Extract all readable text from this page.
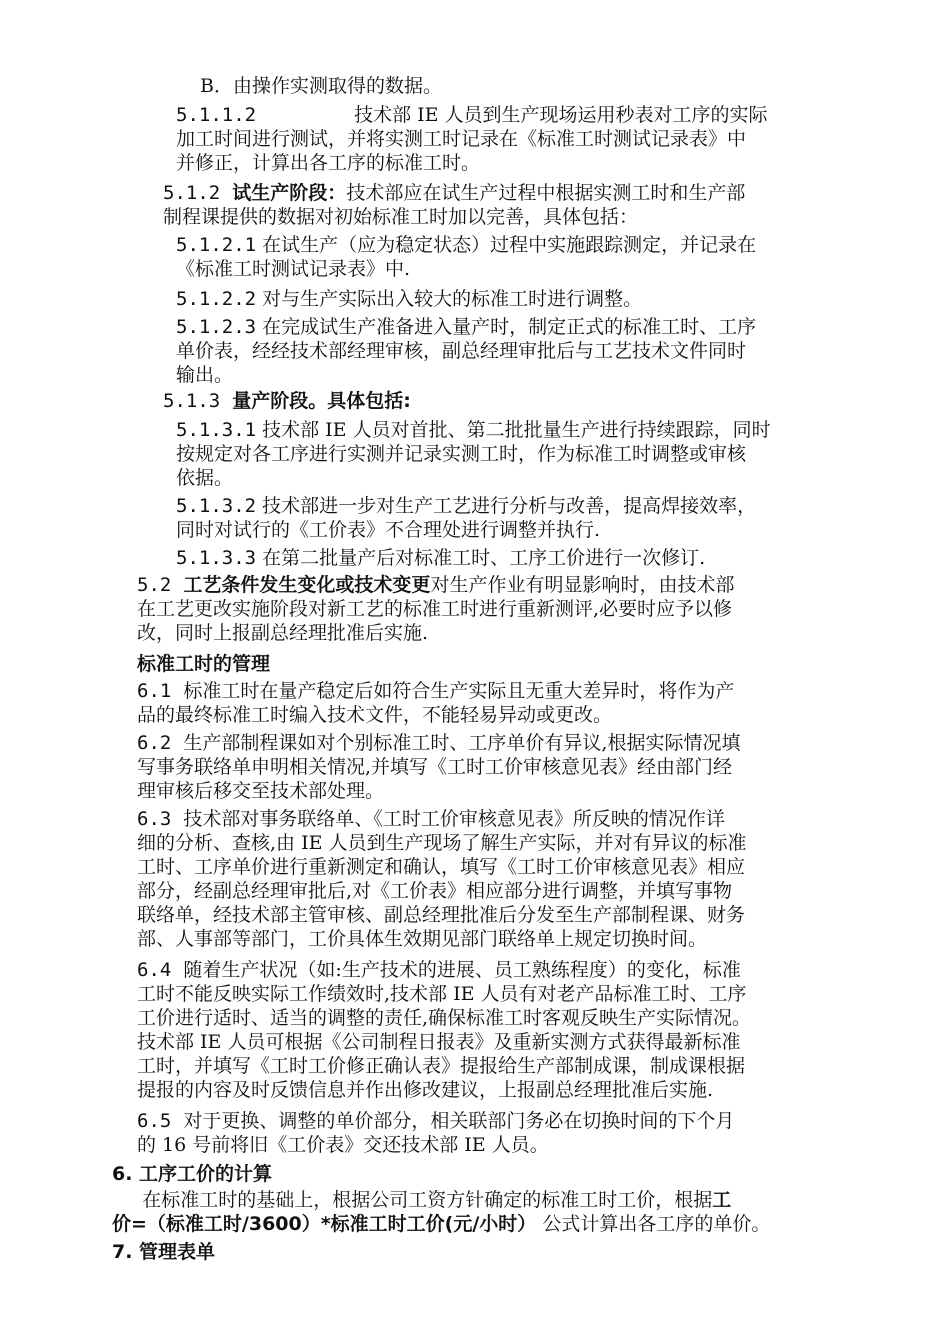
B．由操作实测取得的数据。

5.1.1.2	技术部 IE 人员到生产现场运用秒表对工序的实际
加工时间进行测试，并将实测工时记录在《标准工时测试记录表》中
并修正，计算出各工序的标准工时。
5.1.2 试生产阶段：技术部应在试生产过程中根据实测工时和生产部
制程课提供的数据对初始标准工时加以完善，具体包括：
5.1.2.1 在试生产（应为稳定状态）过程中实施跟踪测定，并记录在
《标准工时测试记录表》中.
5.1.2.2 对与生产实际出入较大的标准工时进行调整。
5.1.2.3 在完成试生产准备进入量产时，制定正式的标准工时、工序
单价表，经经技术部经理审核，副总经理审批后与工艺技术文件同时
输出。
5.1.3 量产阶段。具体包括:
5.1.3.1 技术部 IE 人员对首批、第二批批量生产进行持续跟踪，同时
按规定对各工序进行实测并记录实测工时，作为标准工时调整或审核
依据。
5.1.3.2 技术部进一步对生产工艺进行分析与改善，提高焊接效率，
同时对试行的《工价表》不合理处进行调整并执行.
5.1.3.3 在第二批量产后对标准工时、工序工价进行一次修订.
5.2 工艺条件发生变化或技术变更对生产作业有明显影响时，由技术部
在工艺更改实施阶段对新工艺的标准工时进行重新测评,必要时应予以修
改，同时上报副总经理批准后实施.

标准工时的管理

6.1 标准工时在量产稳定后如符合生产实际且无重大差异时，将作为产
品的最终标准工时编入技术文件，不能轻易异动或更改。
6.2 生产部制程课如对个别标准工时、工序单价有异议,根据实际情况填
写事务联络单申明相关情况,并填写《工时工价审核意见表》经由部门经
理审核后移交至技术部处理。
6.3 技术部对事务联络单、《工时工价审核意见表》所反映的情况作详
细的分析、查核,由 IE 人员到生产现场了解生产实际，并对有异议的标准
工时、工序单价进行重新测定和确认，填写《工时工价审核意见表》相应
部分，经副总经理审批后,对《工价表》相应部分进行调整，并填写事物
联络单，经技术部主管审核、副总经理批准后分发至生产部制程课、财务
部、人事部等部门，工价具体生效期见部门联络单上规定切换时间。
6.4 随着生产状况（如:生产技术的进展、员工熟练程度）的变化，标准
工时不能反映实际工作绩效时,技术部 IE 人员有对老产品标准工时、工序
工价进行适时、适当的调整的责任,确保标准工时客观反映生产实际情况。
技术部 IE 人员可根据《公司制程日报表》及重新实测方式获得最新标准
工时，并填写《工时工价修正确认表》提报给生产部制成课，制成课根据
提报的内容及时反馈信息并作出修改建议，上报副总经理批准后实施.
6.5 对于更换、调整的单价部分，相关联部门务必在切换时间的下个月
的 16 号前将旧《工价表》交还技术部 IE 人员。

6. 工序工价的计算

在标准工时的基础上，根据公司工资方针确定的标准工时工价，根据工
价=（标准工时/3600）*标准工时工价(元/小时） 公式计算出各工序的单价。

7. 管理表单
